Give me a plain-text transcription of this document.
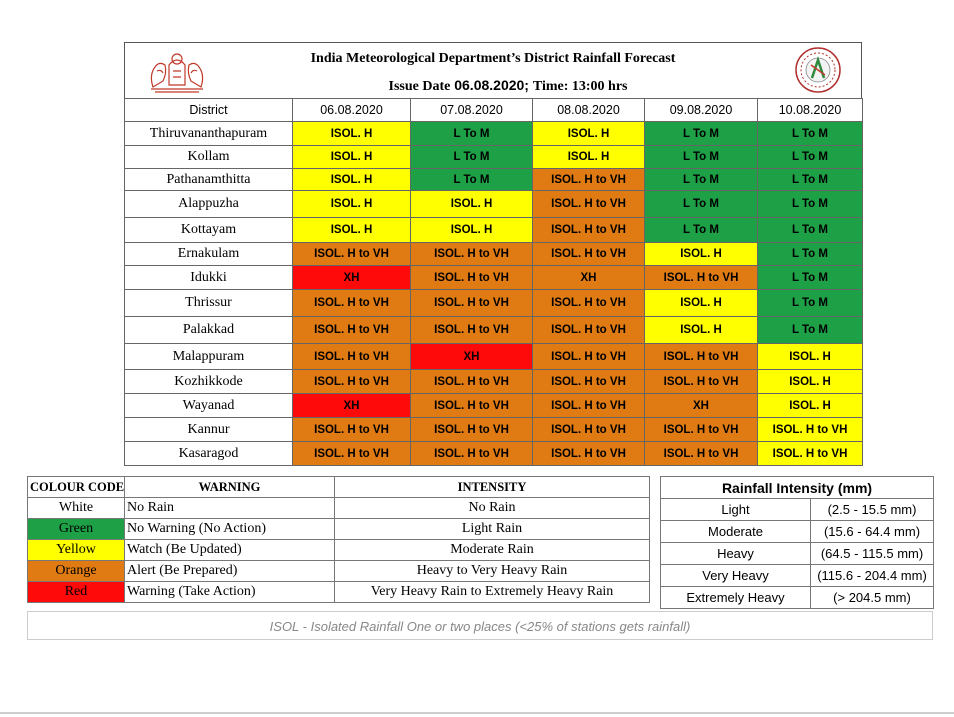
India Meteorological Department’s District Rainfall Forecast
Issue Date 06.08.2020; Time: 13:00 hrs
District	06.08.2020	07.08.2020	08.08.2020	09.08.2020	10.08.2020
Thiruvananthapuram	ISOL. H	L To M	ISOL. H	L To M	L To M
Kollam	ISOL. H	L To M	ISOL. H	L To M	L To M
Pathanamthitta	ISOL. H	L To M	ISOL. H to VH	L To M	L To M
Alappuzha	ISOL. H	ISOL. H	ISOL. H to VH	L To M	L To M
Kottayam	ISOL. H	ISOL. H	ISOL. H to VH	L To M	L To M
Ernakulam	ISOL. H to VH	ISOL. H to VH	ISOL. H to VH	ISOL. H	L To M
Idukki	XH	ISOL. H to VH	XH	ISOL. H to VH	L To M
Thrissur	ISOL. H to VH	ISOL. H to VH	ISOL. H to VH	ISOL. H	L To M
Palakkad	ISOL. H to VH	ISOL. H to VH	ISOL. H to VH	ISOL. H	L To M
Malappuram	ISOL. H to VH	XH	ISOL. H to VH	ISOL. H to VH	ISOL. H
Kozhikkode	ISOL. H to VH	ISOL. H to VH	ISOL. H to VH	ISOL. H to VH	ISOL. H
Wayanad	XH	ISOL. H to VH	ISOL. H to VH	XH	ISOL. H
Kannur	ISOL. H to VH	ISOL. H to VH	ISOL. H to VH	ISOL. H to VH	ISOL. H to VH
Kasaragod	ISOL. H to VH	ISOL. H to VH	ISOL. H to VH	ISOL. H to VH	ISOL. H to VH
COLOUR CODE	WARNING	INTENSITY
White	No Rain	No Rain
Green	No Warning (No Action)	Light Rain
Yellow	Watch (Be Updated)	Moderate Rain
Orange	Alert (Be Prepared)	Heavy to Very Heavy Rain
Red	Warning (Take Action)	Very Heavy Rain to Extremely Heavy Rain
Rainfall Intensity (mm)	
Light	(2.5 - 15.5 mm)
Moderate	(15.6 - 64.4 mm)
Heavy	(64.5 - 115.5 mm)
Very Heavy	(115.6 - 204.4 mm)
Extremely Heavy	(> 204.5 mm)
ISOL - Isolated Rainfall One or two places (<25% of stations gets rainfall)
